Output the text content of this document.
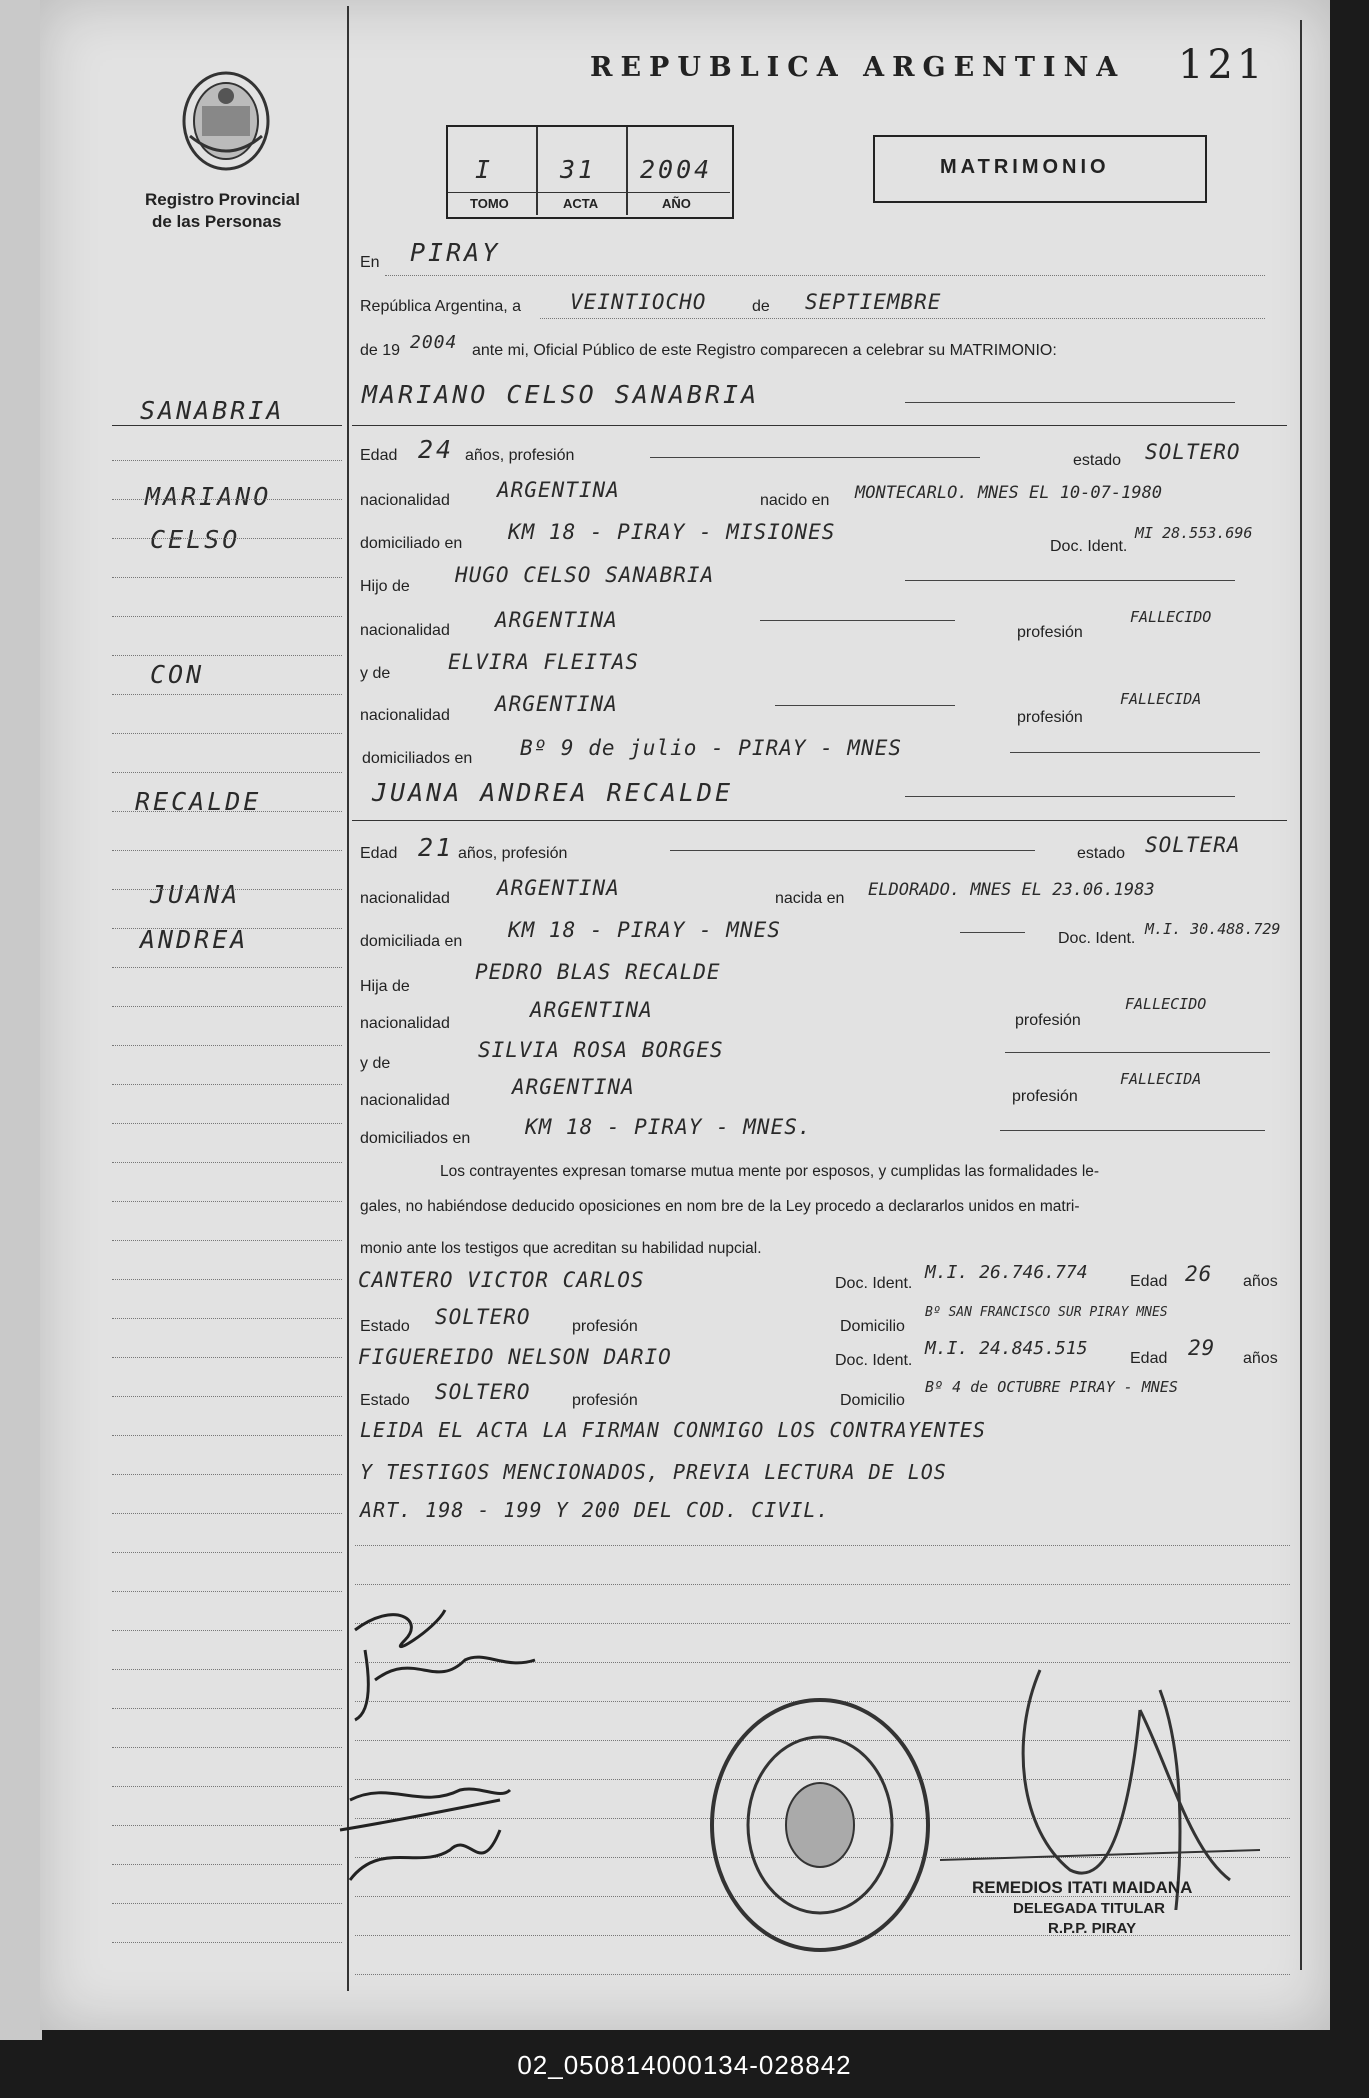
Registro Provincial
de las Personas
REPUBLICA ARGENTINA 121
I	31 2004
TOMO	ACTA	AÑO
MATRIMONIO
SANABRIA
MARIANO
CELSO
CON
RECALDE
JUANA
ANDREA
En PIRAY
República Argentina, a VEINTIOCHO	de SEPTIEMBRE
de 19 2004 ante mi, Oficial Público de este Registro comparecen a celebrar su MATRIMONIO:
MARIANO CELSO SANABRIA
Edad 24 años, profesión	estado SOLTERO
nacionalidad ARGENTINA	nacido en MONTECARLO. MNES EL 10-07-1980
domiciliado en KM 18 - PIRAY - MISIONES
Doc. Ident.
MI 28.553.696
Hijo de HUGO CELSO SANABRIA
nacionalidad ARGENTINA
profesión
FALLECIDO
y de	ELVIRA FLEITAS
nacionalidad ARGENTINA
profesión
FALLECIDA
domiciliados en Bº 9 de julio - PIRAY - MNES
JUANA ANDREA RECALDE
Edad 21 años, profesión	estado SOLTERA
nacionalidad ARGENTINA	nacida en ELDORADO. MNES EL 23.06.1983
domiciliada en KM 18 - PIRAY - MNES	Doc. Ident.
M.I. 30.488.729
Hija de
PEDRO BLAS RECALDE
nacionalidad
ARGENTINA	profesión
FALLECIDO
y de
SILVIA ROSA BORGES
nacionalidad
ARGENTINA	profesión
FALLECIDA
domiciliados en	KM 18 - PIRAY - MNES.
Los contrayentes expresan tomarse mutua mente por esposos, y cumplidas las formalidades le-
gales, no habiéndose deducido oposiciones en nom bre de la Ley procedo a declararlos unidos en matri-
monio ante los testigos que acreditan su habilidad nupcial.
CANTERO VICTOR CARLOS	Doc. Ident.
M.I. 26.746.774	Edad 26 años
Estado SOLTERO	profesión	Domicilio
Bº SAN FRANCISCO SUR PIRAY MNES
FIGUEREIDO NELSON DARIO	Doc. Ident.
M.I. 24.845.515	Edad 29 años
Estado SOLTERO	profesión	Domicilio
Bº 4 de OCTUBRE PIRAY - MNES
LEIDA EL ACTA LA FIRMAN CONMIGO LOS CONTRAYENTES
Y TESTIGOS MENCIONADOS, PREVIA LECTURA DE LOS
ART. 198 - 199 Y 200 DEL COD. CIVIL.
REMEDIOS ITATI MAIDANA
DELEGADA TITULAR
R.P.P. PIRAY
02_050814000134-028842
